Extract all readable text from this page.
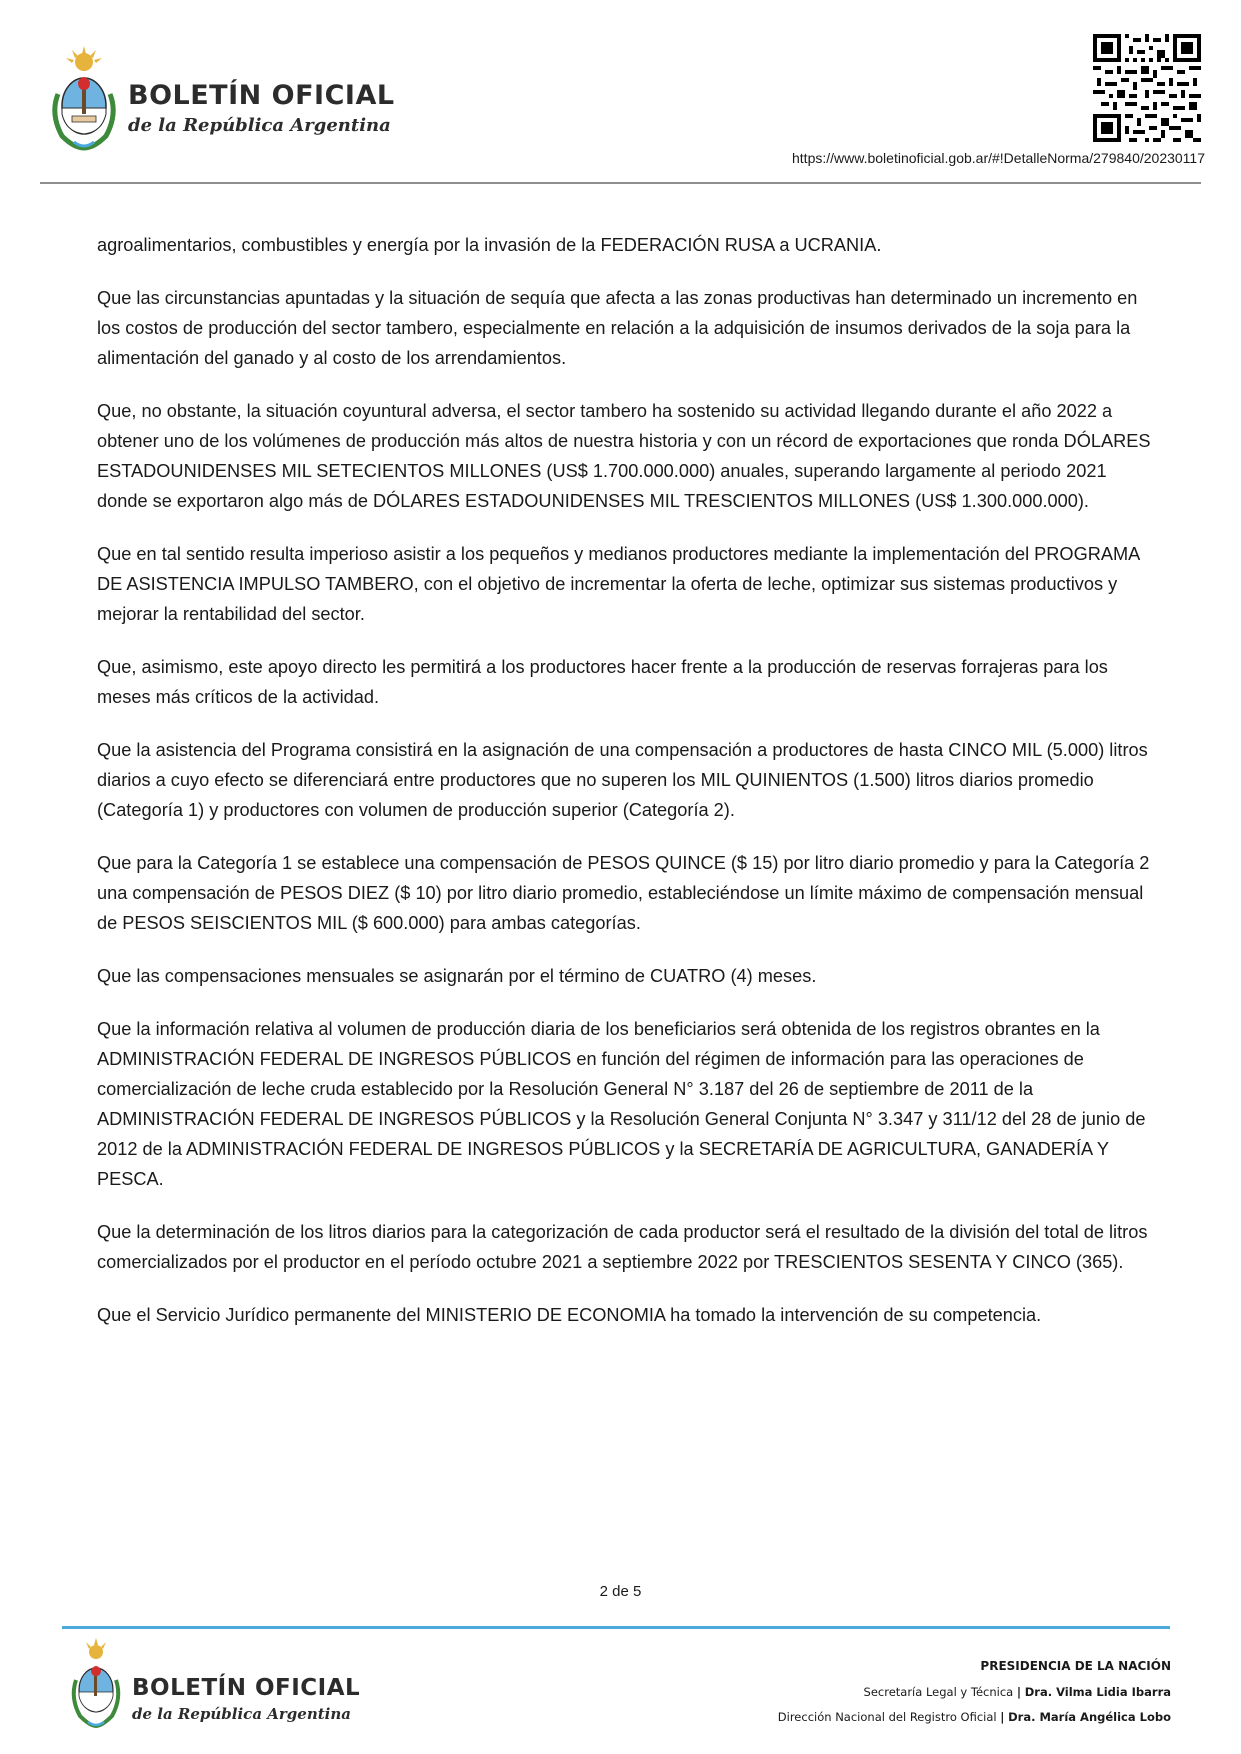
BOLETÍN OFICIAL
de la República Argentina
https://www.boletinoficial.gob.ar/#!DetalleNorma/279840/20230117

agroalimentarios, combustibles y energía por la invasión de la FEDERACIÓN RUSA a UCRANIA.

Que las circunstancias apuntadas y la situación de sequía que afecta a las zonas productivas han determinado un incremento en los costos de producción del sector tambero, especialmente en relación a la adquisición de insumos derivados de la soja para la alimentación del ganado y al costo de los arrendamientos.

Que, no obstante, la situación coyuntural adversa, el sector tambero ha sostenido su actividad llegando durante el año 2022 a obtener uno de los volúmenes de producción más altos de nuestra historia y con un récord de exportaciones que ronda DÓLARES ESTADOUNIDENSES MIL SETECIENTOS MILLONES (US$ 1.700.000.000) anuales, superando largamente al periodo 2021 donde se exportaron algo más de DÓLARES ESTADOUNIDENSES MIL TRESCIENTOS MILLONES (US$ 1.300.000.000).

Que en tal sentido resulta imperioso asistir a los pequeños y medianos productores mediante la implementación del PROGRAMA DE ASISTENCIA IMPULSO TAMBERO, con el objetivo de incrementar la oferta de leche, optimizar sus sistemas productivos y mejorar la rentabilidad del sector.

Que, asimismo, este apoyo directo les permitirá a los productores hacer frente a la producción de reservas forrajeras para los meses más críticos de la actividad.

Que la asistencia del Programa consistirá en la asignación de una compensación a productores de hasta CINCO MIL (5.000) litros diarios a cuyo efecto se diferenciará entre productores que no superen los MIL QUINIENTOS (1.500) litros diarios promedio (Categoría 1) y productores con volumen de producción superior (Categoría 2).

Que para la Categoría 1 se establece una compensación de PESOS QUINCE ($ 15) por litro diario promedio y para la Categoría 2 una compensación de PESOS DIEZ ($ 10) por litro diario promedio, estableciéndose un límite máximo de compensación mensual de PESOS SEISCIENTOS MIL ($ 600.000) para ambas categorías.

Que las compensaciones mensuales se asignarán por el término de CUATRO (4) meses.

Que la información relativa al volumen de producción diaria de los beneficiarios será obtenida de los registros obrantes en la ADMINISTRACIÓN FEDERAL DE INGRESOS PÚBLICOS en función del régimen de información para las operaciones de comercialización de leche cruda establecido por la Resolución General N° 3.187 del 26 de septiembre de 2011 de la ADMINISTRACIÓN FEDERAL DE INGRESOS PÚBLICOS y la Resolución General Conjunta N° 3.347 y 311/12 del 28 de junio de 2012 de la ADMINISTRACIÓN FEDERAL DE INGRESOS PÚBLICOS y la SECRETARÍA DE AGRICULTURA, GANADERÍA Y PESCA.

Que la determinación de los litros diarios para la categorización de cada productor será el resultado de la división del total de litros comercializados por el productor en el período octubre 2021 a septiembre 2022 por TRESCIENTOS SESENTA Y CINCO (365).

Que el Servicio Jurídico permanente del MINISTERIO DE ECONOMIA ha tomado la intervención de su competencia.

2 de 5
BOLETÍN OFICIAL
de la República Argentina
PRESIDENCIA DE LA NACIÓN
Secretaría Legal y Técnica | Dra. Vilma Lidia Ibarra
Dirección Nacional del Registro Oficial | Dra. María Angélica Lobo
